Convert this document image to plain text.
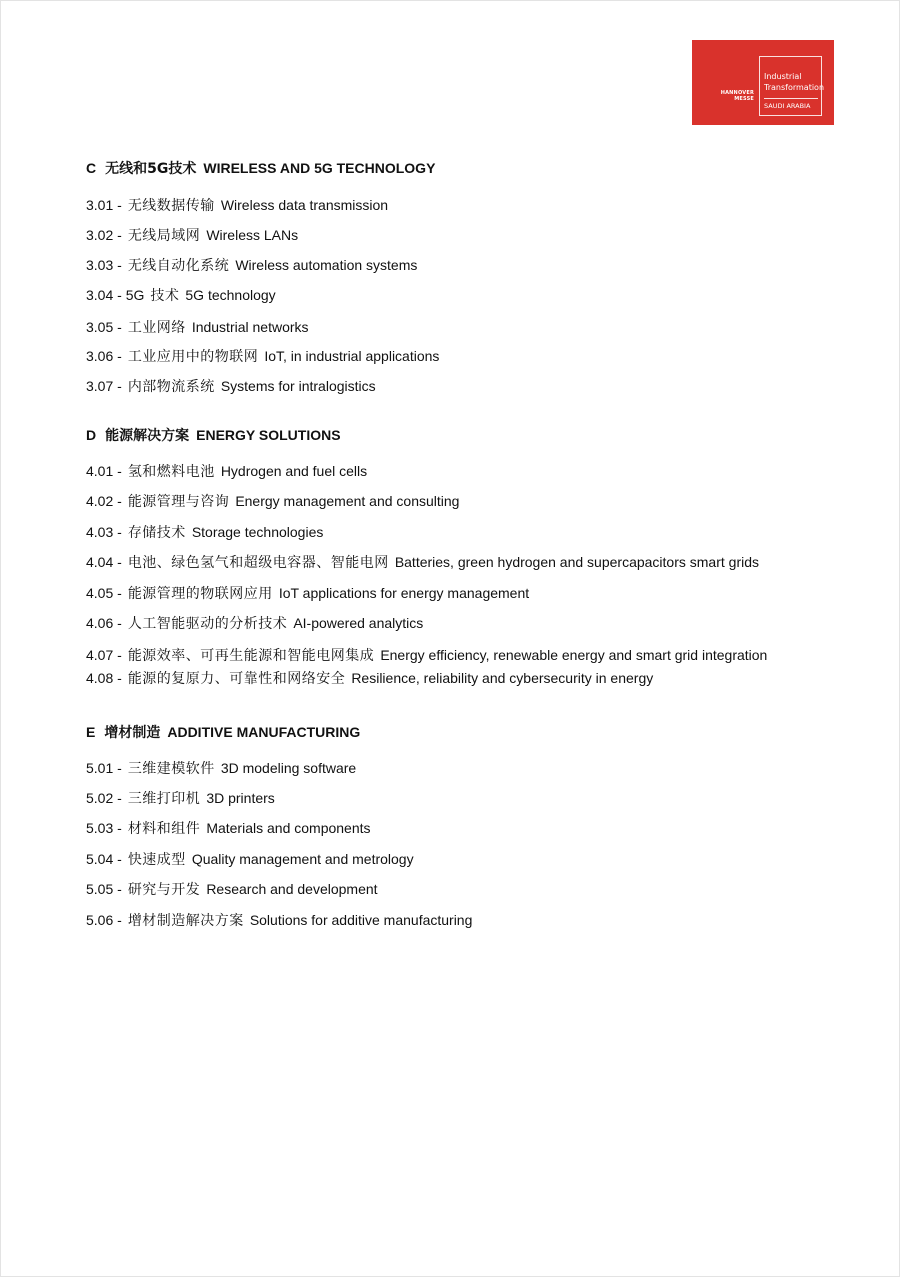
HANNOVER
MESSE
Industrial
Transformation
SAUDI ARABIA
C 无线和5G技术 WIRELESS AND 5G TECHNOLOGY
3.01 - 无线数据传输 Wireless data transmission
3.02 - 无线局域网 Wireless LANs
3.03 - 无线自动化系统 Wireless automation systems
3.04 - 5G 技术 5G technology
3.05 - 工业网络 Industrial networks
3.06 - 工业应用中的物联网 IoT, in industrial applications
3.07 - 内部物流系统 Systems for intralogistics
D 能源解决方案 ENERGY SOLUTIONS
4.01 - 氢和燃料电池 Hydrogen and fuel cells
4.02 - 能源管理与咨询 Energy management and consulting
4.03 - 存储技术 Storage technologies
4.04 - 电池、绿色氢气和超级电容器、智能电网 Batteries, green hydrogen and supercapacitors smart grids
4.05 - 能源管理的物联网应用 IoT applications for energy management
4.06 - 人工智能驱动的分析技术 AI-powered analytics
4.07 - 能源效率、可再生能源和智能电网集成 Energy efficiency, renewable energy and smart grid integration
4.08 - 能源的复原力、可靠性和网络安全 Resilience, reliability and cybersecurity in energy
E 增材制造 ADDITIVE MANUFACTURING
5.01 - 三维建模软件 3D modeling software
5.02 - 三维打印机 3D printers
5.03 - 材料和组件 Materials and components
5.04 - 快速成型 Quality management and metrology
5.05 - 研究与开发 Research and development
5.06 - 增材制造解决方案 Solutions for additive manufacturing
